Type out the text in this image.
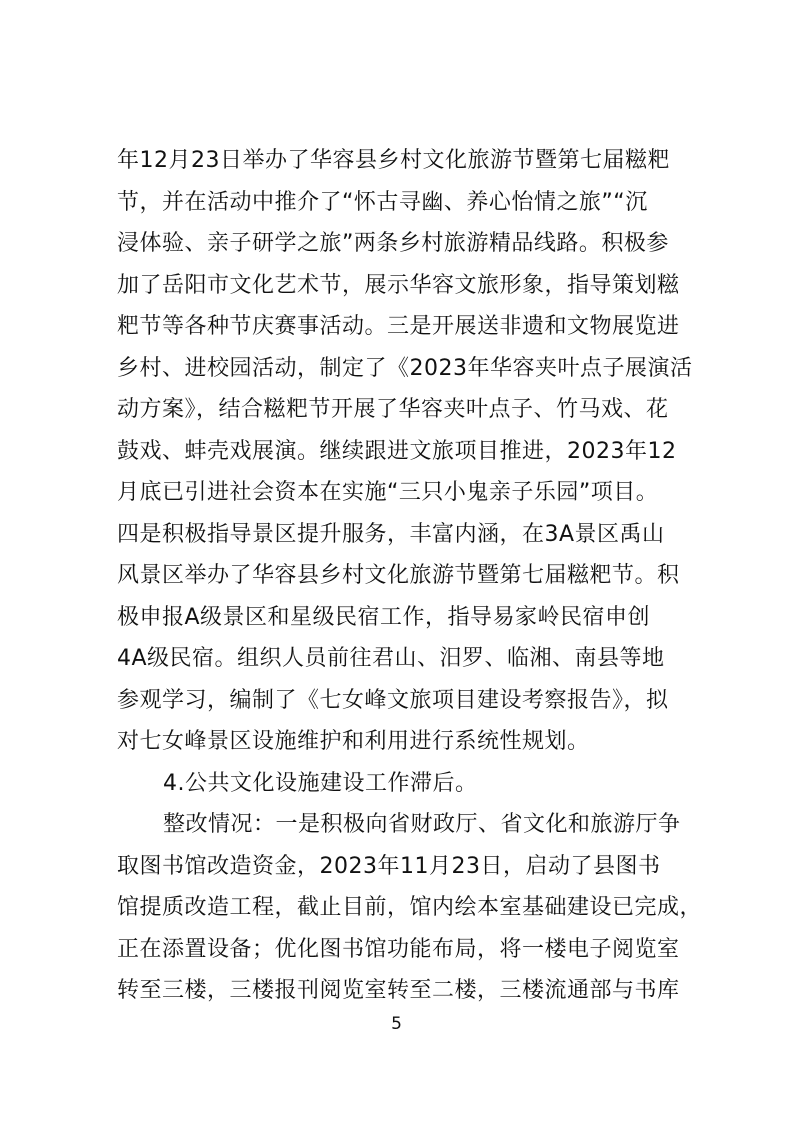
年12月23日举办了华容县乡村文化旅游节暨第七届糍粑
节，并在活动中推介了“怀古寻幽、养心怡情之旅”“沉
浸体验、亲子研学之旅”两条乡村旅游精品线路。积极参
加了岳阳市文化艺术节，展示华容文旅形象，指导策划糍
粑节等各种节庆赛事活动。三是开展送非遗和文物展览进
乡村、进校园活动，制定了《2023年华容夹叶点子展演活
动方案》，结合糍粑节开展了华容夹叶点子、竹马戏、花
鼓戏、蚌壳戏展演。继续跟进文旅项目推进，2023年12
月底已引进社会资本在实施“三只小鬼亲子乐园”项目。
四是积极指导景区提升服务，丰富内涵，在3A景区禹山
风景区举办了华容县乡村文化旅游节暨第七届糍粑节。积
极申报A级景区和星级民宿工作，指导易家岭民宿申创
4A级民宿。组织人员前往君山、汨罗、临湘、南县等地
参观学习，编制了《七女峰文旅项目建设考察报告》，拟
对七女峰景区设施维护和利用进行系统性规划。
4.公共文化设施建设工作滞后。
整改情况：一是积极向省财政厅、省文化和旅游厅争
取图书馆改造资金，2023年11月23日，启动了县图书
馆提质改造工程，截止目前，馆内绘本室基础建设已完成，
正在添置设备；优化图书馆功能布局，将一楼电子阅览室
转至三楼，三楼报刊阅览室转至二楼，三楼流通部与书库
5
